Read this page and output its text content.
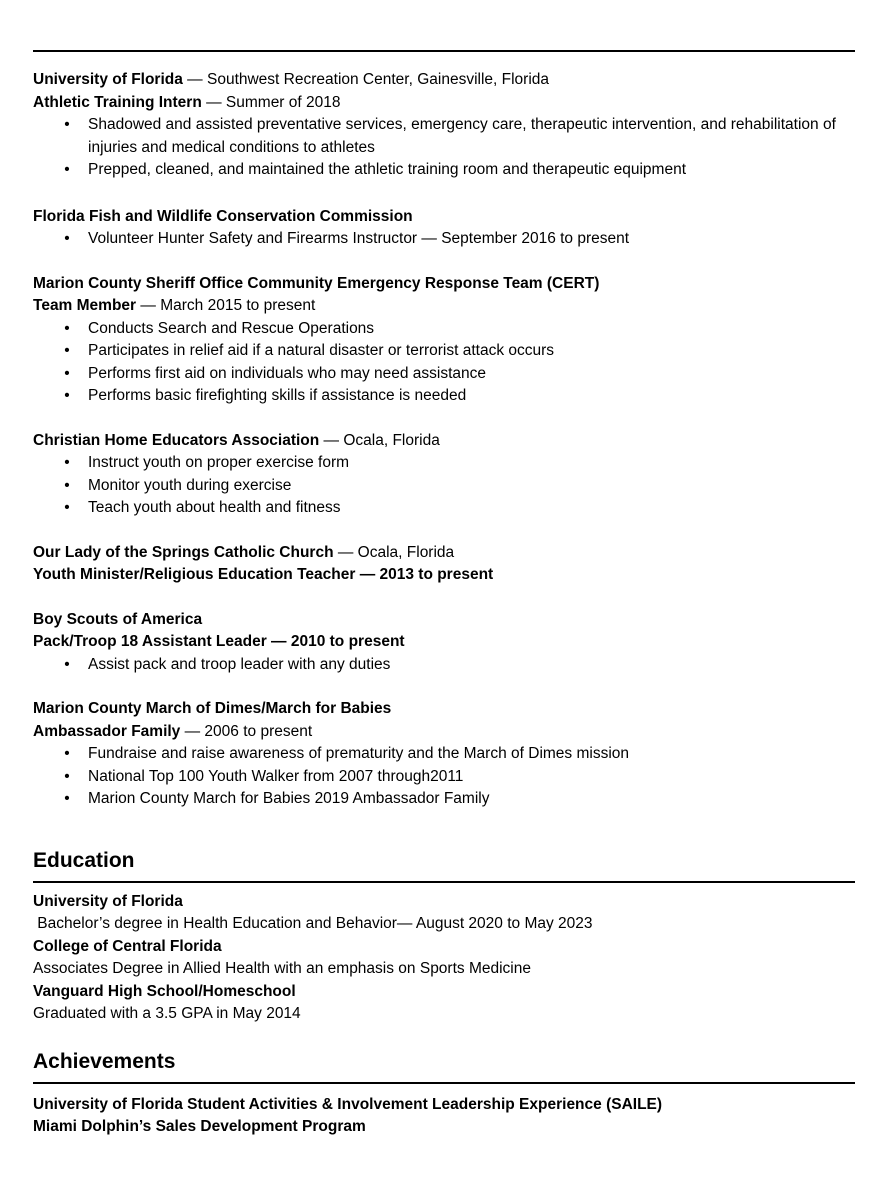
University of Florida — Southwest Recreation Center, Gainesville, Florida
Athletic Training Intern — Summer of 2018
• Shadowed and assisted preventative services, emergency care, therapeutic intervention, and rehabilitation of injuries and medical conditions to athletes
• Prepped, cleaned, and maintained the athletic training room and therapeutic equipment
Florida Fish and Wildlife Conservation Commission
• Volunteer Hunter Safety and Firearms Instructor — September 2016 to present
Marion County Sheriff Office Community Emergency Response Team (CERT)
Team Member — March 2015 to present
• Conducts Search and Rescue Operations
• Participates in relief aid if a natural disaster or terrorist attack occurs
• Performs first aid on individuals who may need assistance
• Performs basic firefighting skills if assistance is needed
Christian Home Educators Association — Ocala, Florida
• Instruct youth on proper exercise form
• Monitor youth during exercise
• Teach youth about health and fitness
Our Lady of the Springs Catholic Church — Ocala, Florida
Youth Minister/Religious Education Teacher — 2013 to present
Boy Scouts of America
Pack/Troop 18 Assistant Leader — 2010 to present
• Assist pack and troop leader with any duties
Marion County March of Dimes/March for Babies
Ambassador Family — 2006 to present
• Fundraise and raise awareness of prematurity and the March of Dimes mission
• National Top 100 Youth Walker from 2007 through2011
• Marion County March for Babies 2019 Ambassador Family
Education
University of Florida
Bachelor’s degree in Health Education and Behavior— August 2020 to May 2023
College of Central Florida
Associates Degree in Allied Health with an emphasis on Sports Medicine
Vanguard High School/Homeschool
Graduated with a 3.5 GPA in May 2014
Achievements
University of Florida Student Activities & Involvement Leadership Experience (SAILE)
Miami Dolphin’s Sales Development Program
